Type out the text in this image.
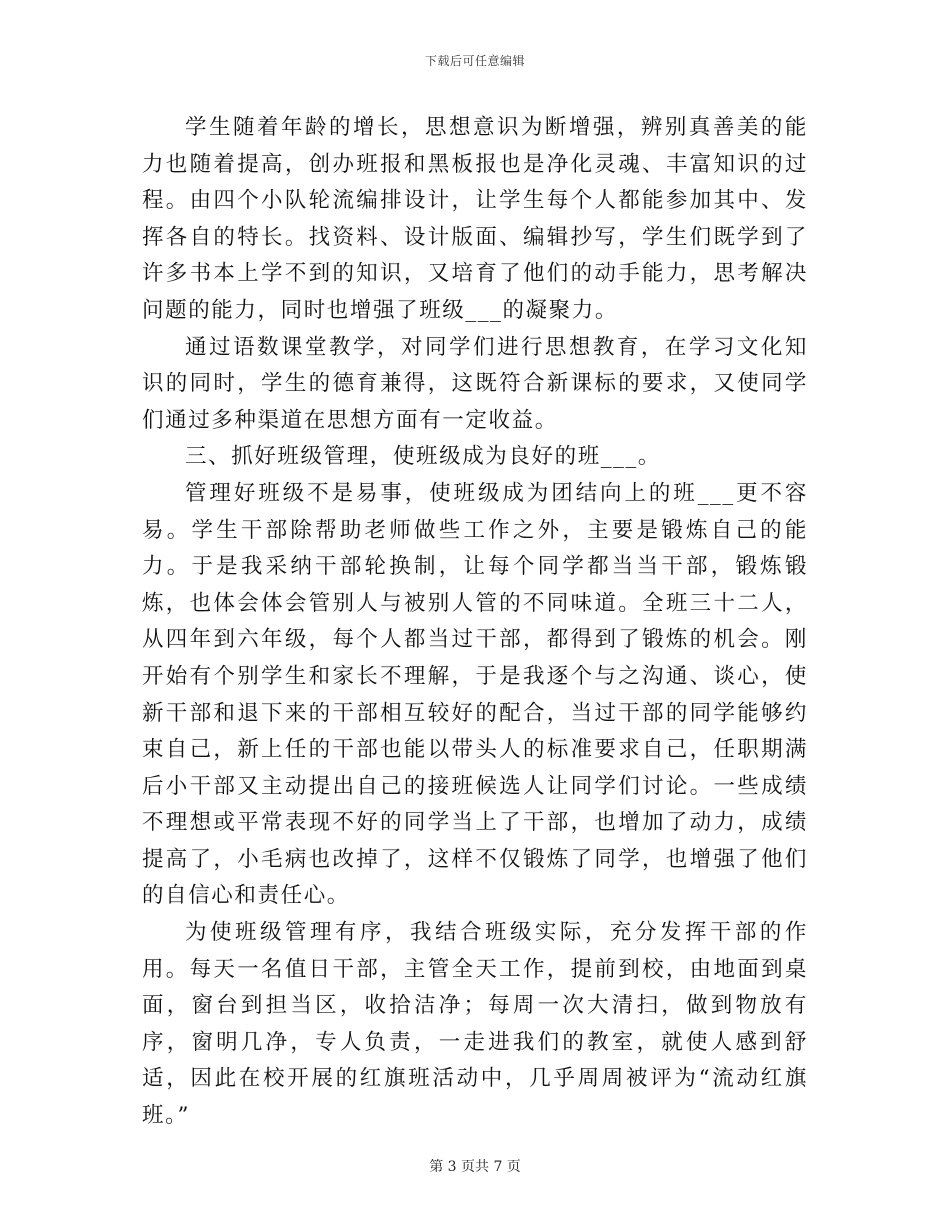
下载后可任意编辑

学生随着年龄的增长，思想意识为断增强，辨别真善美的能力也随着提高，创办班报和黑板报也是净化灵魂、丰富知识的过程。由四个小队轮流编排设计，让学生每个人都能参加其中、发挥各自的特长。找资料、设计版面、编辑抄写，学生们既学到了许多书本上学不到的知识，又培育了他们的动手能力，思考解决问题的能力，同时也增强了班级___的凝聚力。

通过语数课堂教学，对同学们进行思想教育，在学习文化知识的同时，学生的德育兼得，这既符合新课标的要求，又使同学们通过多种渠道在思想方面有一定收益。

三、抓好班级管理，使班级成为良好的班___。

管理好班级不是易事，使班级成为团结向上的班___更不容易。学生干部除帮助老师做些工作之外，主要是锻炼自己的能力。于是我采纳干部轮换制，让每个同学都当当干部，锻炼锻炼，也体会体会管别人与被别人管的不同味道。全班三十二人，从四年到六年级，每个人都当过干部，都得到了锻炼的机会。刚开始有个别学生和家长不理解，于是我逐个与之沟通、谈心，使新干部和退下来的干部相互较好的配合，当过干部的同学能够约束自己，新上任的干部也能以带头人的标准要求自己，任职期满后小干部又主动提出自己的接班候选人让同学们讨论。一些成绩不理想或平常表现不好的同学当上了干部，也增加了动力，成绩提高了，小毛病也改掉了，这样不仅锻炼了同学，也增强了他们的自信心和责任心。

为使班级管理有序，我结合班级实际，充分发挥干部的作用。每天一名值日干部，主管全天工作，提前到校，由地面到桌面，窗台到担当区，收拾洁净；每周一次大清扫，做到物放有序，窗明几净，专人负责，一走进我们的教室，就使人感到舒适，因此在校开展的红旗班活动中，几乎周周被评为“流动红旗班。”

第 3 页共 7 页
